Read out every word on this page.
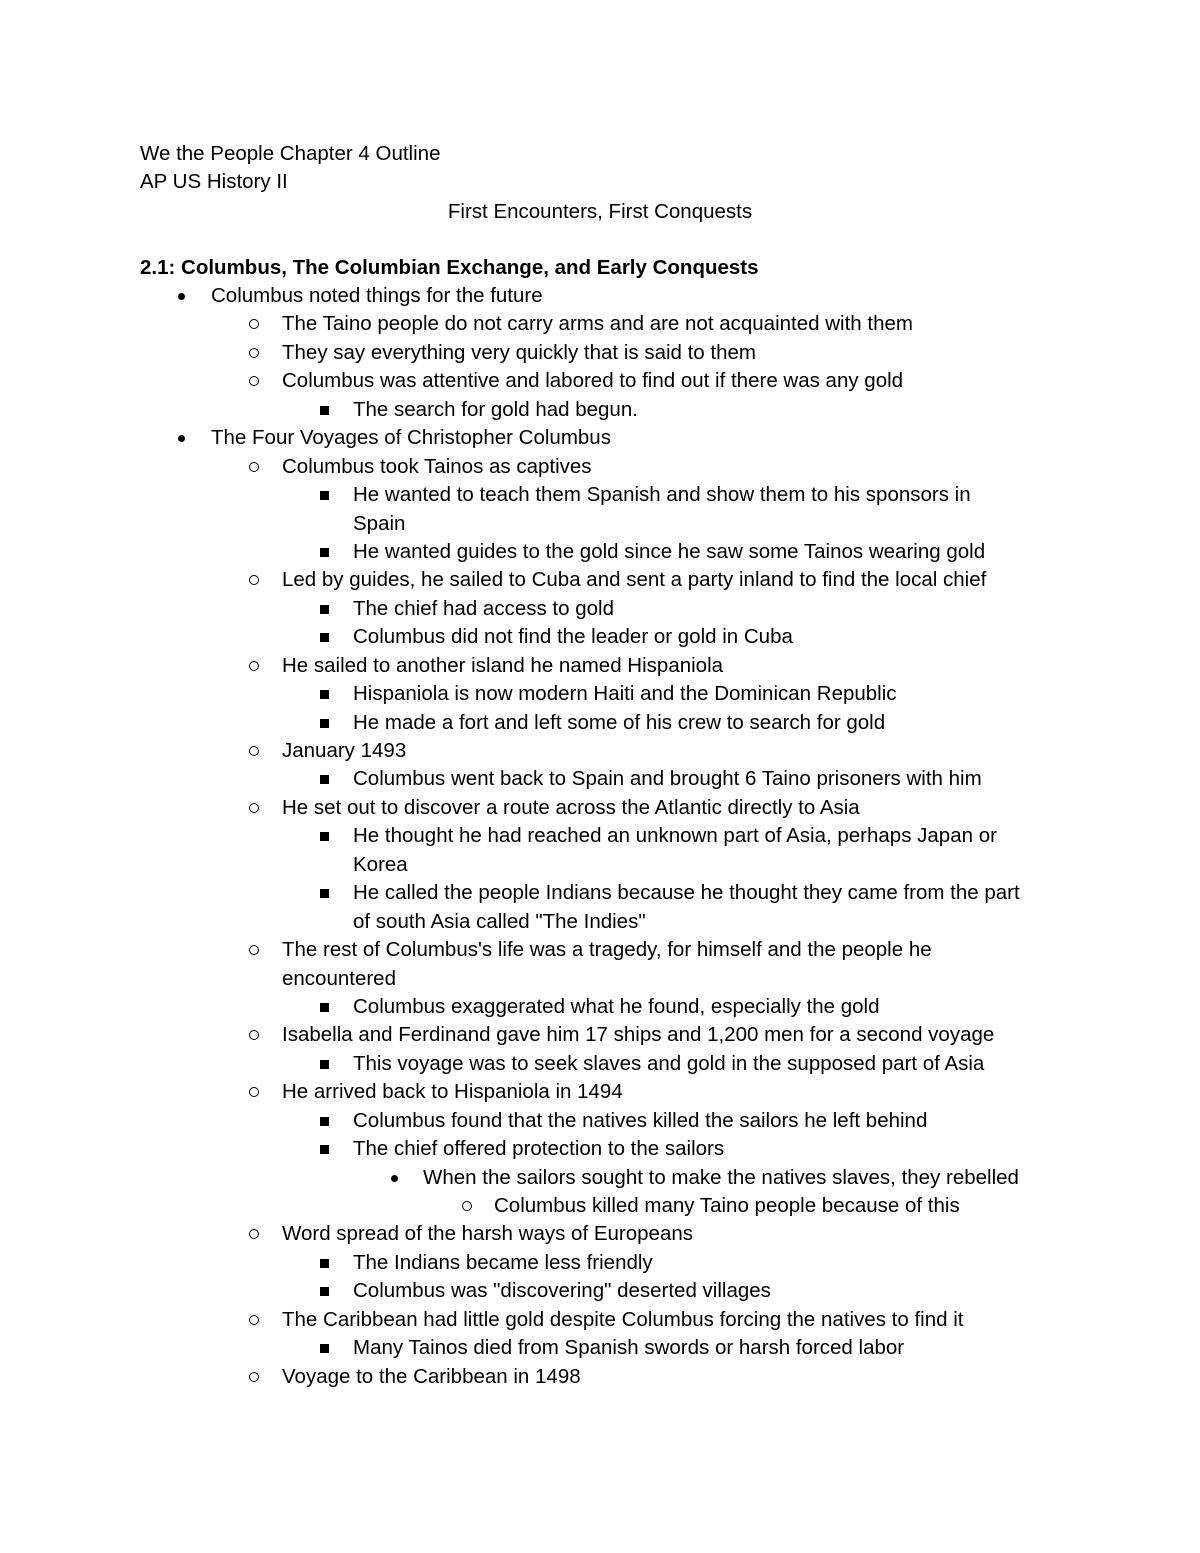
We the People Chapter 4 Outline
AP US History II
First Encounters, First Conquests
2.1: Columbus, The Columbian Exchange, and Early Conquests
Columbus noted things for the future
The Taino people do not carry arms and are not acquainted with them
They say everything very quickly that is said to them
Columbus was attentive and labored to find out if there was any gold
The search for gold had begun.
The Four Voyages of Christopher Columbus
Columbus took Tainos as captives
He wanted to teach them Spanish and show them to his sponsors in
Spain
He wanted guides to the gold since he saw some Tainos wearing gold
Led by guides, he sailed to Cuba and sent a party inland to find the local chief
The chief had access to gold
Columbus did not find the leader or gold in Cuba
He sailed to another island he named Hispaniola
Hispaniola is now modern Haiti and the Dominican Republic
He made a fort and left some of his crew to search for gold
January 1493
Columbus went back to Spain and brought 6 Taino prisoners with him
He set out to discover a route across the Atlantic directly to Asia
He thought he had reached an unknown part of Asia, perhaps Japan or
Korea
He called the people Indians because he thought they came from the part
of south Asia called "The Indies"
The rest of Columbus's life was a tragedy, for himself and the people he
encountered
Columbus exaggerated what he found, especially the gold
Isabella and Ferdinand gave him 17 ships and 1,200 men for a second voyage
This voyage was to seek slaves and gold in the supposed part of Asia
He arrived back to Hispaniola in 1494
Columbus found that the natives killed the sailors he left behind
The chief offered protection to the sailors
When the sailors sought to make the natives slaves, they rebelled
Columbus killed many Taino people because of this
Word spread of the harsh ways of Europeans
The Indians became less friendly
Columbus was "discovering" deserted villages
The Caribbean had little gold despite Columbus forcing the natives to find it
Many Tainos died from Spanish swords or harsh forced labor
Voyage to the Caribbean in 1498
